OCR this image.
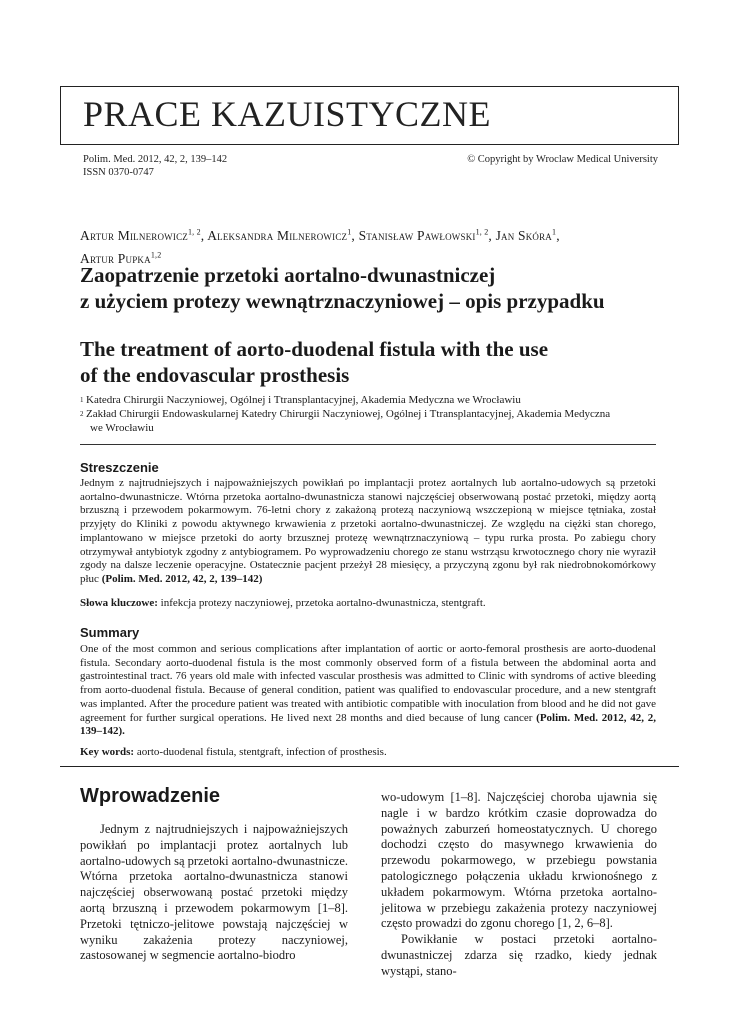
PRACE KAZUISTYCZNE
Polim. Med. 2012, 42, 2, 139–142
ISSN 0370-0747
© Copyright by Wroclaw Medical University
Artur Milnerowicz$^{1, 2}$, Aleksandra Milnerowicz$^1$, Stanisław Pawłowski$^{1, 2}$, Jan Skóra$^1$,
Artur Pupka$^{1,2}$
Zaopatrzenie przetoki aortalno-dwunastniczej
z użyciem protezy wewnątrznaczyniowej – opis przypadku
The treatment of aorto-duodenal fistula with the use
of the endovascular prosthesis
1 Katedra Chirurgii Naczyniowej, Ogólnej i Ttransplantacyjnej, Akademia Medyczna we Wrocławiu
2 Zakład Chirurgii Endowaskularnej Katedry Chirurgii Naczyniowej, Ogólnej i Ttransplantacyjnej, Akademia Medyczna
we Wrocławiu
Streszczenie
Jednym z najtrudniejszych i najpoważniejszych powikłań po implantacji protez aortalnych lub aortalno-udowych są przetoki aortalno-dwunastnicze. Wtórna przetoka aortalno-dwunastnicza stanowi najczęściej obserwowaną postać przetoki, między aortą brzuszną i przewodem pokarmowym. 76-letni chory z zakażoną protezą naczyniową wszczepioną w miejsce tętniaka, został przyjęty do Kliniki z powodu aktywnego krwawienia z przetoki aortalno-dwunastniczej. Ze względu na ciężki stan chorego, implantowano w miejsce przetoki do aorty brzusznej protezę wewnątrznaczyniową – typu rurka prosta. Po zabiegu chory otrzymywał antybiotyk zgodny z antybiogramem. Po wyprowadzeniu chorego ze stanu wstrząsu krwotocznego chory nie wyraził zgody na dalsze leczenie operacyjne. Ostatecznie pacjent przeżył 28 miesięcy, a przyczyną zgonu był rak niedrobnokomórkowy płuc (Polim. Med. 2012, 42, 2, 139–142)
Słowa kluczowe: infekcja protezy naczyniowej, przetoka aortalno-dwunastnicza, stentgraft.
Summary
One of the most common and serious complications after implantation of aortic or aorto-femoral prosthesis are aorto-duodenal fistula. Secondary aorto-duodenal fistula is the most commonly observed form of a fistula between the abdominal aorta and gastrointestinal tract. 76 years old male with infected vascular prosthesis was admitted to Clinic with syndroms of active bleeding from aorto-duodenal fistula. Because of general condition, patient was qualified to endovascular procedure, and a new stentgraft was implanted. After the procedure patient was treated with antibiotic compatible with inoculation from blood and he did not gave agreement for further surgical operations. He lived next 28 months and died because of lung cancer (Polim. Med. 2012, 42, 2, 139–142).
Key words: aorto-duodenal fistula, stentgraft, infection of prosthesis.
Wprowadzenie

Jednym z najtrudniejszych i najpoważniejszych powikłań po implantacji protez aortalnych lub aortalno-udowych są przetoki aortalno-dwunastnicze. Wtórna przetoka aortalno-dwunastnicza stanowi najczęściej obserwowaną postać przetoki między aortą brzuszną i przewodem pokarmowym [1–8]. Przetoki tętniczo-jelitowe powstają najczęściej w wyniku zakażenia protezy naczyniowej, zastosowanej w segmencie aortalno-biodro

wo-udowym [1–8]. Najczęściej choroba ujawnia się nagle i w bardzo krótkim czasie doprowadza do poważnych zaburzeń homeostatycznych. U chorego dochodzi często do masywnego krwawienia do przewodu pokarmowego, w przebiegu powstania patologicznego połączenia układu krwionośnego z układem pokarmowym. Wtórna przetoka aortalno-jelitowa w przebiegu zakażenia protezy naczyniowej często prowadzi do zgonu chorego [1, 2, 6–8].

Powikłanie w postaci przetoki aortalno-dwunastniczej zdarza się rzadko, kiedy jednak wystąpi, stano-
